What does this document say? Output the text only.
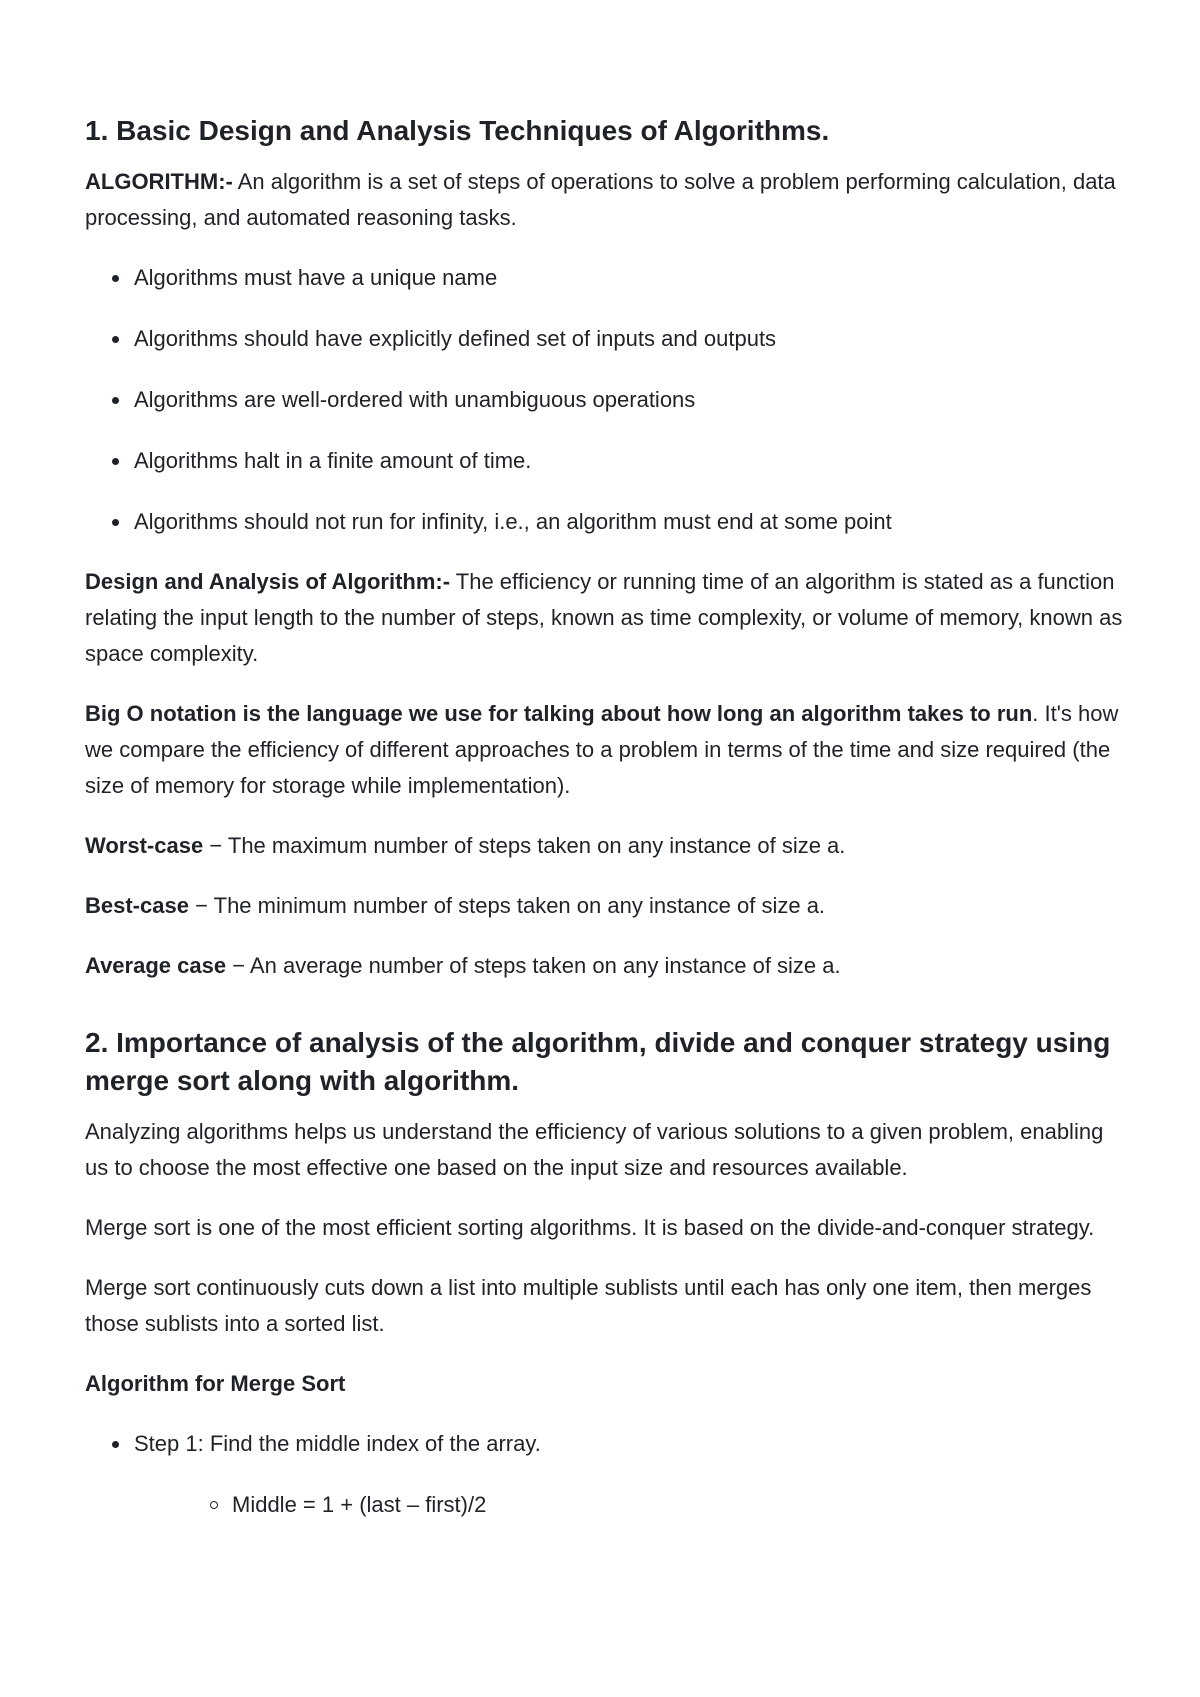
1. Basic Design and Analysis Techniques of Algorithms.

ALGORITHM:- An algorithm is a set of steps of operations to solve a problem performing calculation, data processing, and automated reasoning tasks.

Algorithms must have a unique name
Algorithms should have explicitly defined set of inputs and outputs
Algorithms are well-ordered with unambiguous operations
Algorithms halt in a finite amount of time.
Algorithms should not run for infinity, i.e., an algorithm must end at some point

Design and Analysis of Algorithm:- The efficiency or running time of an algorithm is stated as a function relating the input length to the number of steps, known as time complexity, or volume of memory, known as space complexity.

Big O notation is the language we use for talking about how long an algorithm takes to run. It's how we compare the efficiency of different approaches to a problem in terms of the time and size required (the size of memory for storage while implementation).

Worst-case − The maximum number of steps taken on any instance of size a.

Best-case − The minimum number of steps taken on any instance of size a.

Average case − An average number of steps taken on any instance of size a.

2. Importance of analysis of the algorithm, divide and conquer strategy using merge sort along with algorithm.

Analyzing algorithms helps us understand the efficiency of various solutions to a given problem, enabling us to choose the most effective one based on the input size and resources available.

Merge sort is one of the most efficient sorting algorithms. It is based on the divide-and-conquer strategy.

Merge sort continuously cuts down a list into multiple sublists until each has only one item, then merges those sublists into a sorted list.

Algorithm for Merge Sort

Step 1: Find the middle index of the array.
Middle = 1 + (last – first)/2
